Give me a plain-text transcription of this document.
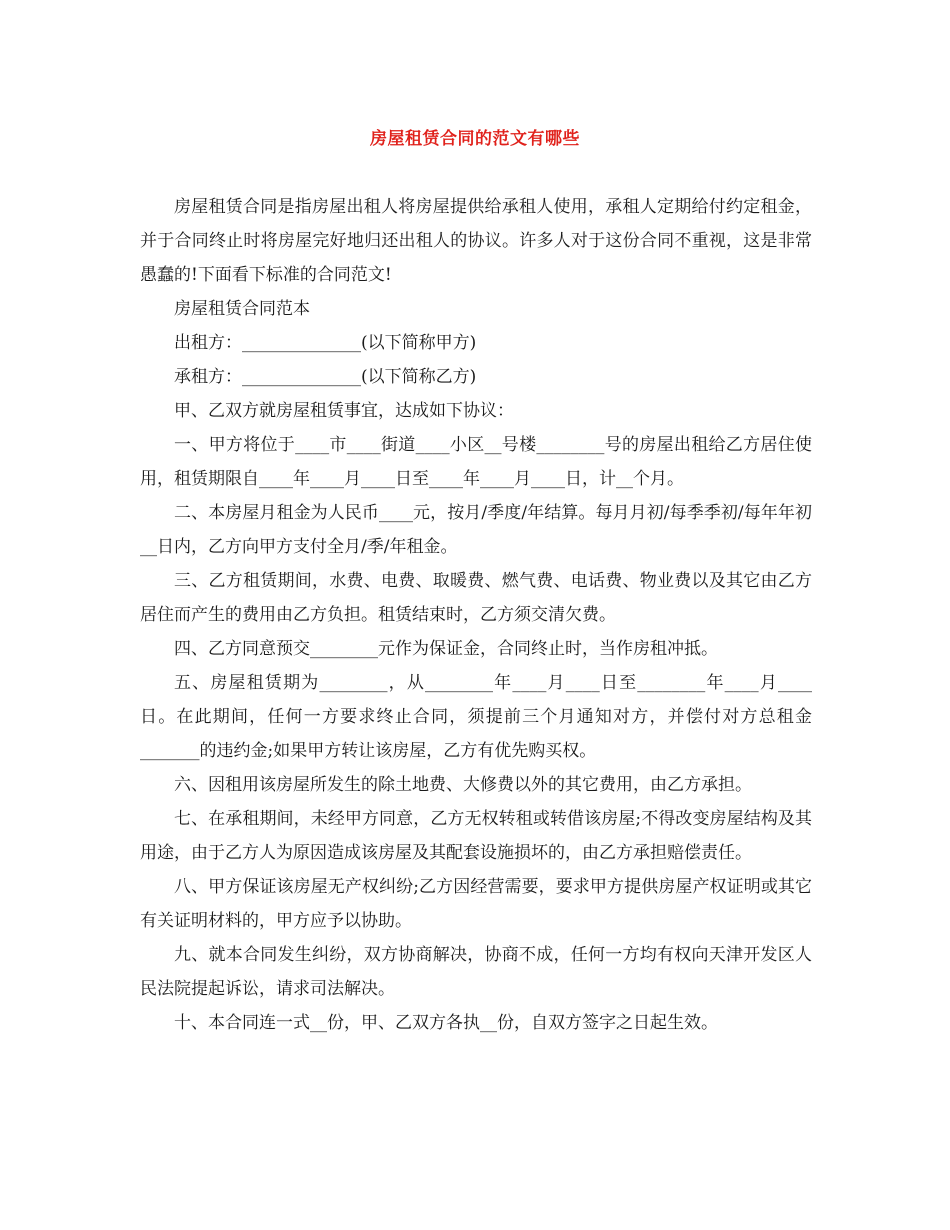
房屋租赁合同的范文有哪些

房屋租赁合同是指房屋出租人将房屋提供给承租人使用，承租人定期给付约定租金，并于合同终止时将房屋完好地归还出租人的协议。许多人对于这份合同不重视，这是非常愚蠢的!下面看下标准的合同范文!

房屋租赁合同范本

出租方：______________(以下简称甲方)

承租方：______________(以下简称乙方)

甲、乙双方就房屋租赁事宜，达成如下协议：

一、甲方将位于____市____街道____小区__号楼________号的房屋出租给乙方居住使用，租赁期限自____年____月____日至____年____月____日，计__个月。

二、本房屋月租金为人民币____元，按月/季度/年结算。每月月初/每季季初/每年年初__日内，乙方向甲方支付全月/季/年租金。

三、乙方租赁期间，水费、电费、取暖费、燃气费、电话费、物业费以及其它由乙方居住而产生的费用由乙方负担。租赁结束时，乙方须交清欠费。

四、乙方同意预交________元作为保证金，合同终止时，当作房租冲抵。

五、房屋租赁期为________，从________年____月____日至________年____月____日。在此期间，任何一方要求终止合同，须提前三个月通知对方，并偿付对方总租金_______的违约金;如果甲方转让该房屋，乙方有优先购买权。

六、因租用该房屋所发生的除土地费、大修费以外的其它费用，由乙方承担。

七、在承租期间，未经甲方同意，乙方无权转租或转借该房屋;不得改变房屋结构及其用途，由于乙方人为原因造成该房屋及其配套设施损坏的，由乙方承担赔偿责任。

八、甲方保证该房屋无产权纠纷;乙方因经营需要，要求甲方提供房屋产权证明或其它有关证明材料的，甲方应予以协助。

九、就本合同发生纠纷，双方协商解决，协商不成，任何一方均有权向天津开发区人民法院提起诉讼，请求司法解决。

十、本合同连一式__份，甲、乙双方各执__份，自双方签字之日起生效。
